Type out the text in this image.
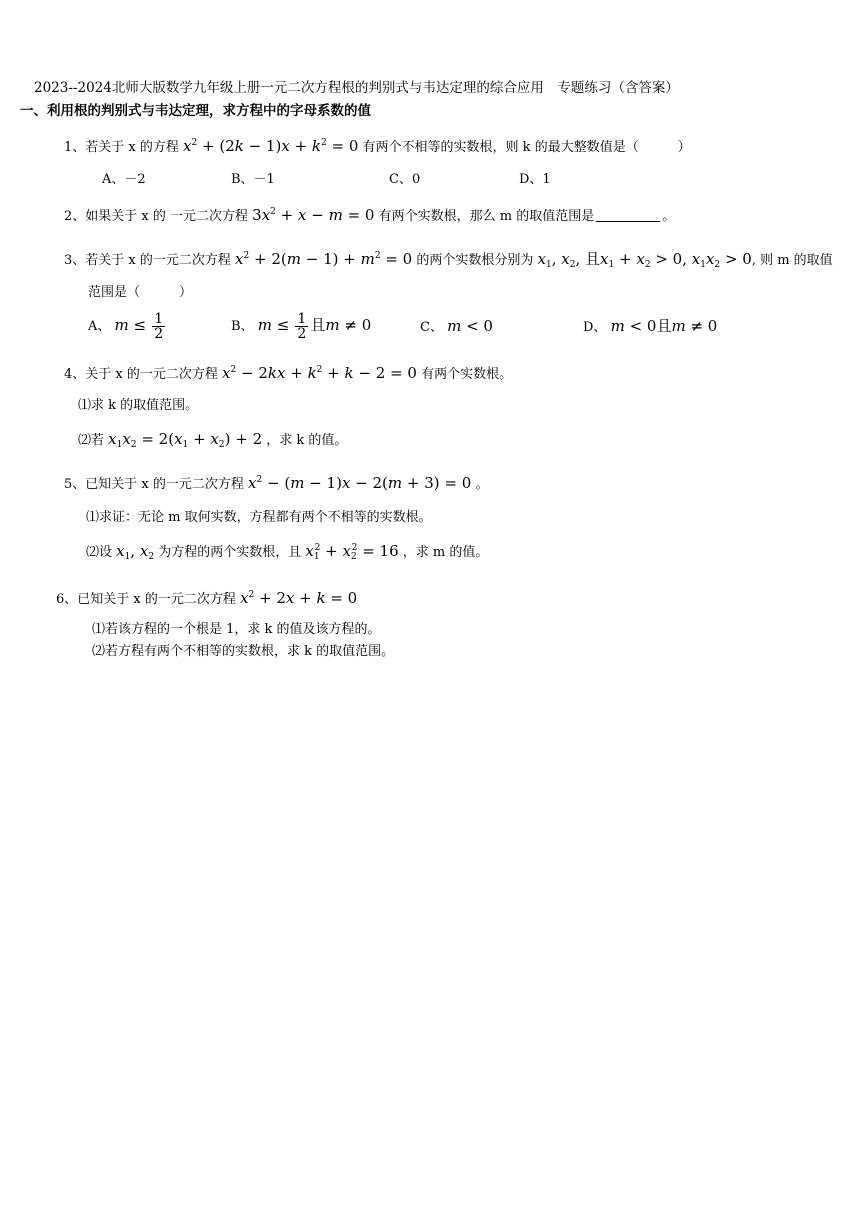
2023--2024北师大版数学九年级上册一元二次方程根的判别式与韦达定理的综合应用　专题练习（含答案）
一、利用根的判别式与韦达定理，求方程中的字母系数的值
1、若关于 x 的方程 $x^2 + (2k - 1)x + k^2 = 0$ 有两个不相等的实数根，则 k 的最大整数值是（　　　）
A、－2	B、－1	C、0	D、1
2、如果关于 x 的 一元二次方程 $3x^2 + x - m = 0$ 有两个实数根，那么 m 的取值范围是	。
3、若关于 x 的一元二次方程 $x^2 + 2(m - 1) + m^2 = 0$ 的两个实数根分别为 $x_1$, $x_2$, 且$x_1 + x_2 > 0$, $x_1x_2 > 0$, 则 m 的取值
范围是（　　　）
A、 $m \le \frac{1}{2}$	B、 $m \le \frac{1}{2}$ 且m ≠ 0	C、 m < 0	D、 m < 0且m ≠ 0
4、关于 x 的一元二次方程 $x^2 - 2kx + k^2 + k - 2 = 0$ 有两个实数根。
⑴求 k 的取值范围。
⑵若 $x_1x_2 = 2(x_1 + x_2) + 2$ ，求 k 的值。
5、已知关于 x 的一元二次方程 $x^2 - (m - 1)x - 2(m + 3) = 0$ 。
⑴求证：无论 m 取何实数，方程都有两个不相等的实数根。
⑵设 $x_1$, $x_2$ 为方程的两个实数根，且 $x_1^2 + x_2^2 = 16$ ，求 m 的值。
6、已知关于 x 的一元二次方程 $x^2 + 2x + k = 0$
⑴若该方程的一个根是 1，求 k 的值及该方程的。
⑵若方程有两个不相等的实数根，求 k 的取值范围。
